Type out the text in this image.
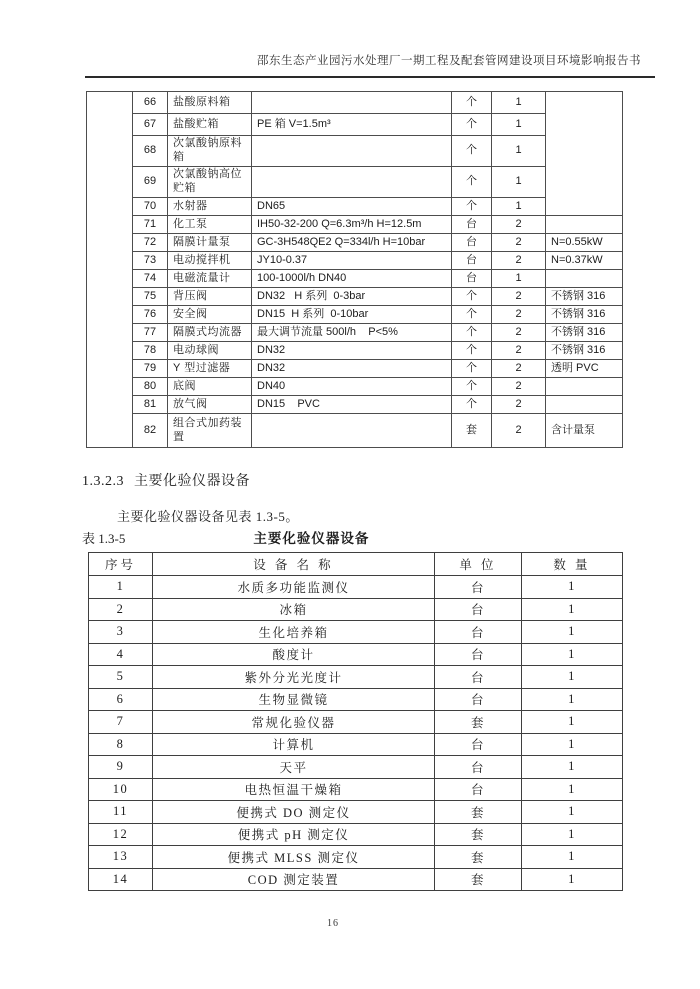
邵东生态产业园污水处理厂一期工程及配套管网建设项目环境影响报告书
	66	盐酸原料箱		个	1	
	67	盐酸贮箱	PE 箱 V=1.5m³	个	1	
	68	次氯酸钠原料箱		个	1	
	69	次氯酸钠高位贮箱		个	1	
	70	水射器	DN65	个	1	
	71	化工泵	IH50-32-200 Q=6.3m³/h H=12.5m	台	2	
	72	隔膜计量泵	GC-3H548QE2 Q=334l/h H=10bar	台	2	N=0.55kW
	73	电动搅拌机	JY10-0.37	台	2	N=0.37kW
	74	电磁流量计	100-1000l/h DN40	台	1	
	75	背压阀	DN32   H 系列  0-3bar	个	2	不锈钢 316
	76	安全阀	DN15  H 系列  0-10bar	个	2	不锈钢 316
	77	隔膜式均流器	最大调节流量 500l/h    P<5%	个	2	不锈钢 316
	78	电动球阀	DN32	个	2	不锈钢 316
	79	Y 型过滤器	DN32	个	2	透明 PVC
	80	底阀	DN40	个	2	
	81	放气阀	DN15    PVC	个	2	
	82	组合式加药装置		套	2	含计量泵
1.3.2.3 主要化验仪器设备
主要化验仪器设备见表 1.3-5。
表 1.3-5	主要化验仪器设备
序号	设 备 名 称	单 位	数 量
1	水质多功能监测仪	台	1
2	冰箱	台	1
3	生化培养箱	台	1
4	酸度计	台	1
5	紫外分光光度计	台	1
6	生物显微镜	台	1
7	常规化验仪器	套	1
8	计算机	台	1
9	天平	台	1
10	电热恒温干燥箱	台	1
11	便携式 DO 测定仪	套	1
12	便携式 pH 测定仪	套	1
13	便携式 MLSS 测定仪	套	1
14	COD 测定装置	套	1
16
